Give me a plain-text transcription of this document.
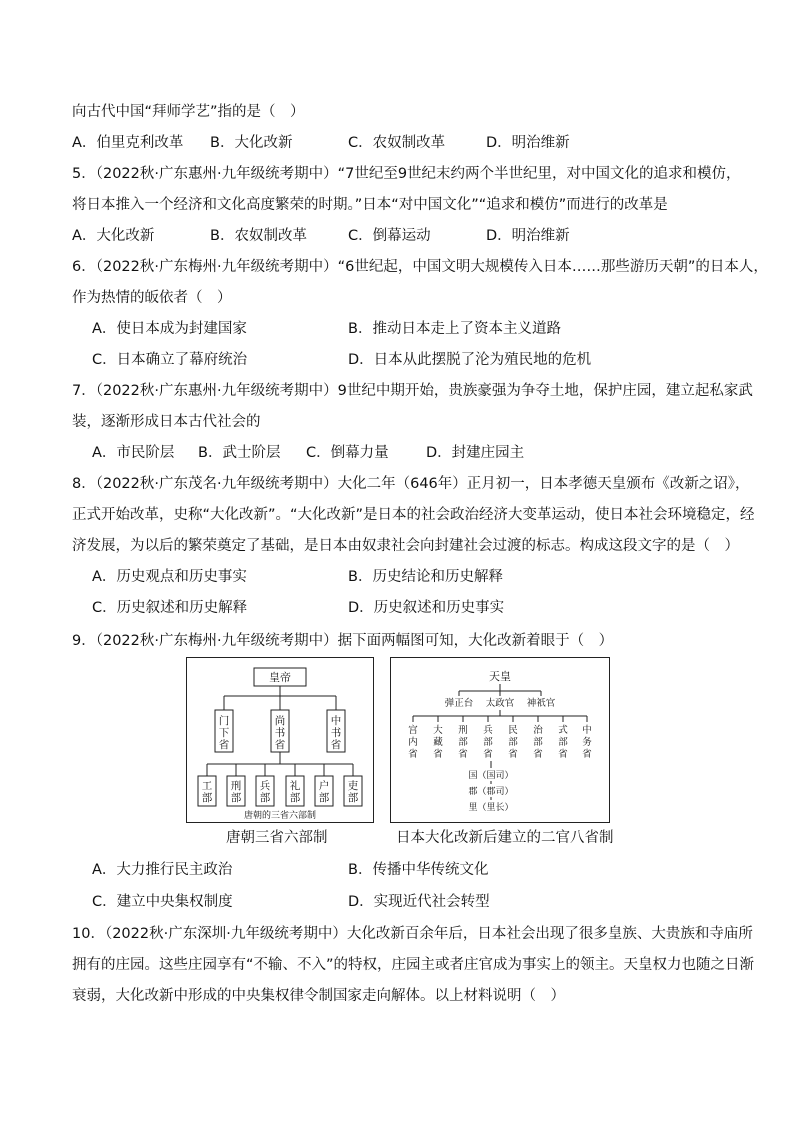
向古代中国“拜师学艺”指的是（　）
A．伯里克利改革 B．大化改新	C．农奴制改革	D．明治维新
5．（2022秋·广东惠州·九年级统考期中）“7世纪至9世纪末约两个半世纪里，对中国文化的追求和模仿，
将日本推入一个经济和文化高度繁荣的时期。”日本“对中国文化”“追求和模仿”而进行的改革是
A．大化改新	B．农奴制改革	C．倒幕运动	D．明治维新
6．（2022秋·广东梅州·九年级统考期中）“6世纪起，中国文明大规模传入日本……那些游历天朝”的日本人，
作为热情的皈依者（　）
A．使日本成为封建国家	B．推动日本走上了资本主义道路
C．日本确立了幕府统治	D．日本从此摆脱了沦为殖民地的危机
7．（2022秋·广东惠州·九年级统考期中）9世纪中期开始，贵族豪强为争夺土地，保护庄园，建立起私家武
装，逐渐形成日本古代社会的
A．市民阶层 B．武士阶层 C．倒幕力量	D．封建庄园主
8．（2022秋·广东茂名·九年级统考期中）大化二年（646年）正月初一，日本孝德天皇颁布《改新之诏》，
正式开始改革，史称“大化改新”。“大化改新”是日本的社会政治经济大变革运动，使日本社会环境稳定，经
济发展，为以后的繁荣奠定了基础，是日本由奴隶社会向封建社会过渡的标志。构成这段文字的是（　）
A．历史观点和历史事实	B．历史结论和历史解释
C．历史叙述和历史解释	D．历史叙述和历史事实
9．（2022秋·广东梅州·九年级统考期中）据下面两幅图可知，大化改新着眼于（　）
皇帝
门
下
省
尚
书
省
中
书
省
工
部
刑
部
兵
部
礼
部
户
部
吏
部
唐朝的三省六部制
唐朝三省六部制
天皇
弹正台 太政官 神祇官
宫
内
省
大
藏
省
刑
部
省
兵
部
省
民
部
省
治
部
省
式
部
省
中
务
省
国（国司）
郡（郡司）
里（里长）
日本大化改新后建立的二官八省制
A．大力推行民主政治	B．传播中华传统文化
C．建立中央集权制度	D．实现近代社会转型
10．（2022秋·广东深圳·九年级统考期中）大化改新百余年后，日本社会出现了很多皇族、大贵族和寺庙所
拥有的庄园。这些庄园享有“不输、不入”的特权，庄园主或者庄官成为事实上的领主。天皇权力也随之日渐
衰弱，大化改新中形成的中央集权律令制国家走向解体。以上材料说明（　）
